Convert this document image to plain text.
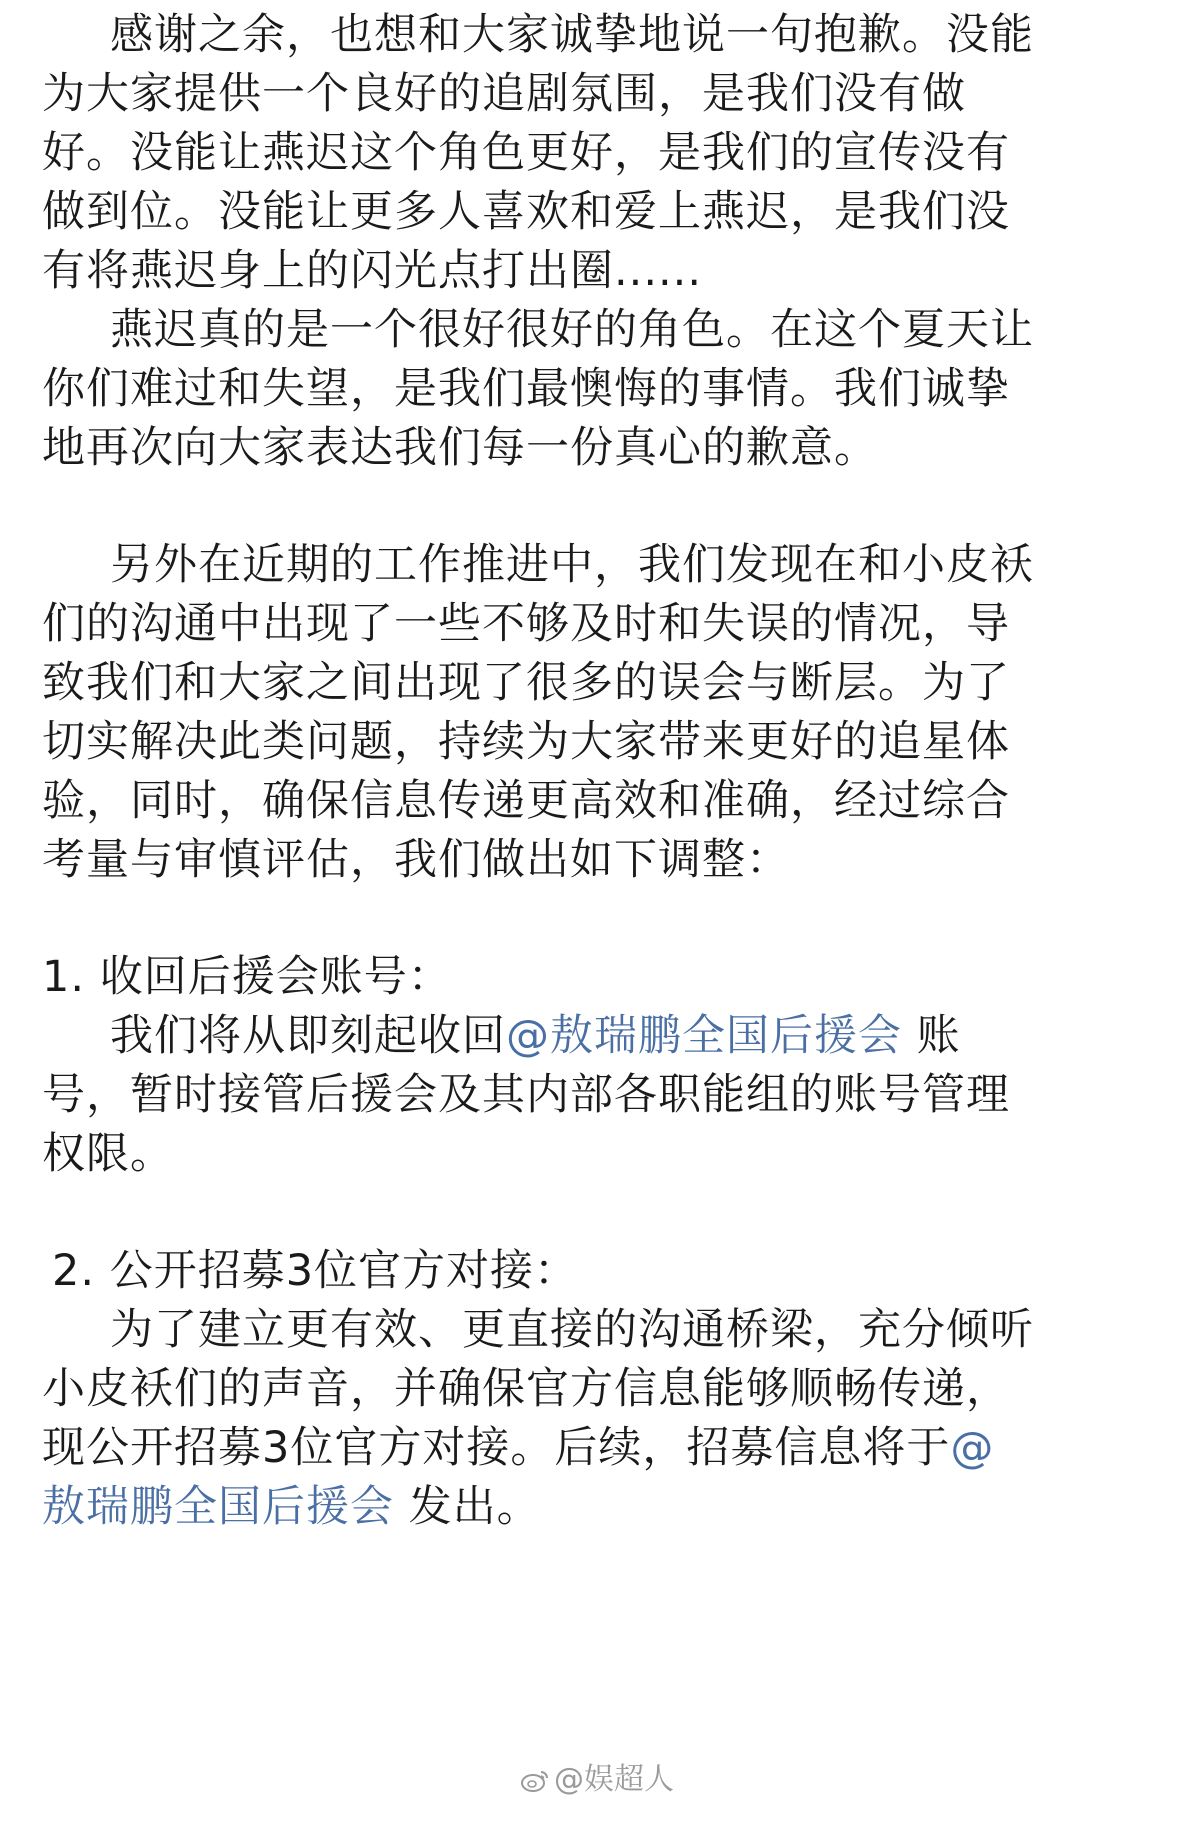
感谢之余，也想和大家诚挚地说一句抱歉。没能
为大家提供一个良好的追剧氛围，是我们没有做
好。没能让燕迟这个角色更好，是我们的宣传没有
做到位。没能让更多人喜欢和爱上燕迟，是我们没
有将燕迟身上的闪光点打出圈......
燕迟真的是一个很好很好的角色。在这个夏天让
你们难过和失望，是我们最懊悔的事情。我们诚挚
地再次向大家表达我们每一份真心的歉意。
另外在近期的工作推进中，我们发现在和小皮袄
们的沟通中出现了一些不够及时和失误的情况，导
致我们和大家之间出现了很多的误会与断层。为了
切实解决此类问题，持续为大家带来更好的追星体
验，同时，确保信息传递更高效和准确，经过综合
考量与审慎评估，我们做出如下调整：
1. 收回后援会账号：
我们将从即刻起收回@敖瑞鹏全国后援会 账
号，暂时接管后援会及其内部各职能组的账号管理
权限。
2. 公开招募3位官方对接：
为了建立更有效、更直接的沟通桥梁，充分倾听
小皮袄们的声音，并确保官方信息能够顺畅传递，
现公开招募3位官方对接。后续，招募信息将于@
敖瑞鹏全国后援会 发出。
@娱超人
